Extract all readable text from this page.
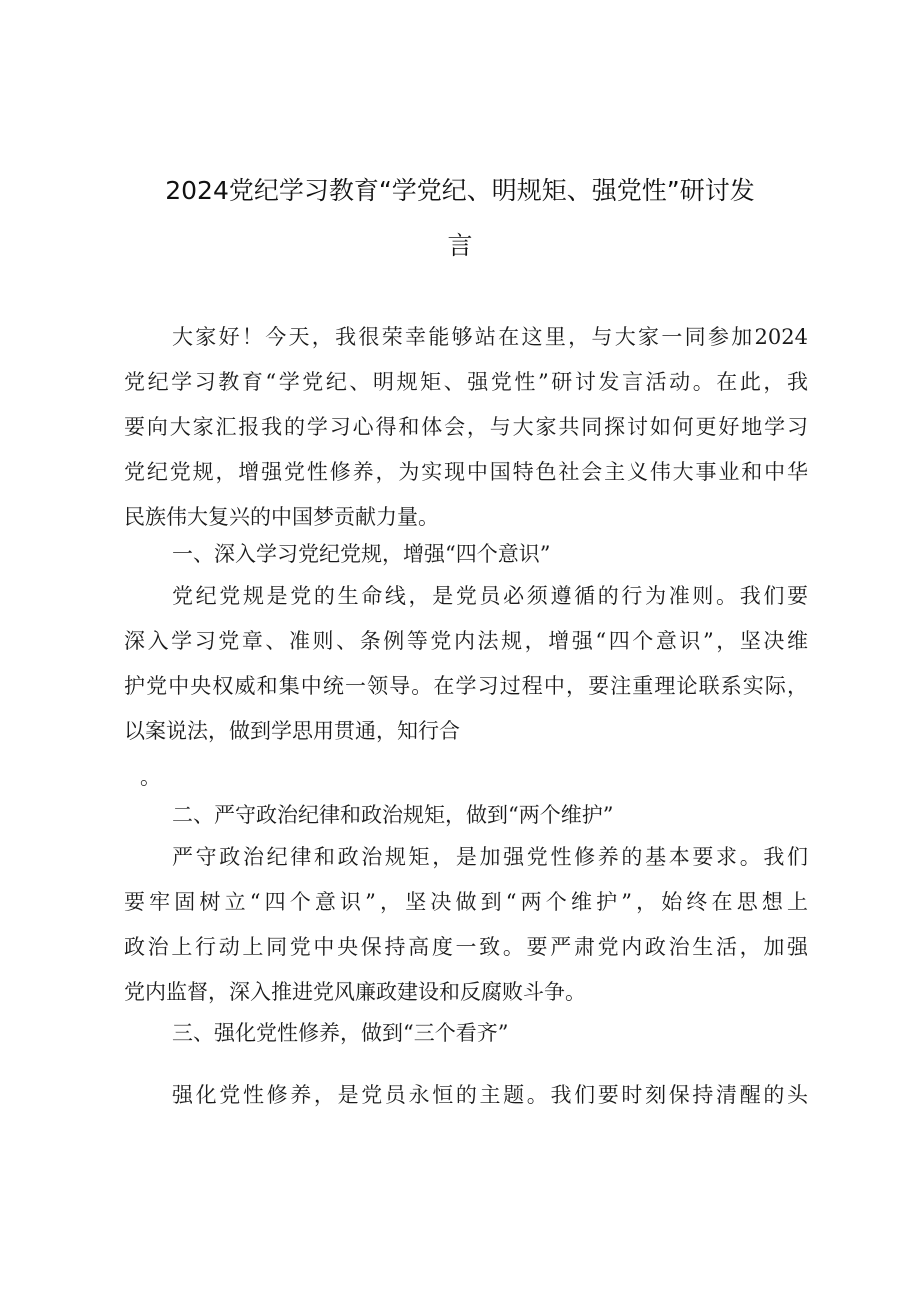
2024党纪学习教育“学党纪、明规矩、强党性”研讨发
言
大家好！今天，我很荣幸能够站在这里，与大家一同参加2024
党纪学习教育“学党纪、明规矩、强党性”研讨发言活动。在此，我
要向大家汇报我的学习心得和体会，与大家共同探讨如何更好地学习
党纪党规，增强党性修养，为实现中国特色社会主义伟大事业和中华
民族伟大复兴的中国梦贡献力量。
一、深入学习党纪党规，增强“四个意识”
党纪党规是党的生命线，是党员必须遵循的行为准则。我们要
深入学习党章、准则、条例等党内法规，增强“四个意识”，坚决维
护党中央权威和集中统一领导。在学习过程中，要注重理论联系实际，
以案说法，做到学思用贯通，知行合
。
二、严守政治纪律和政治规矩，做到“两个维护”
严守政治纪律和政治规矩，是加强党性修养的基本要求。我们
要牢固树立“四个意识”，坚决做到“两个维护”，始终在思想上
政治上行动上同党中央保持高度一致。要严肃党内政治生活，加强
党内监督，深入推进党风廉政建设和反腐败斗争。
三、强化党性修养，做到“三个看齐”
强化党性修养，是党员永恒的主题。我们要时刻保持清醒的头
